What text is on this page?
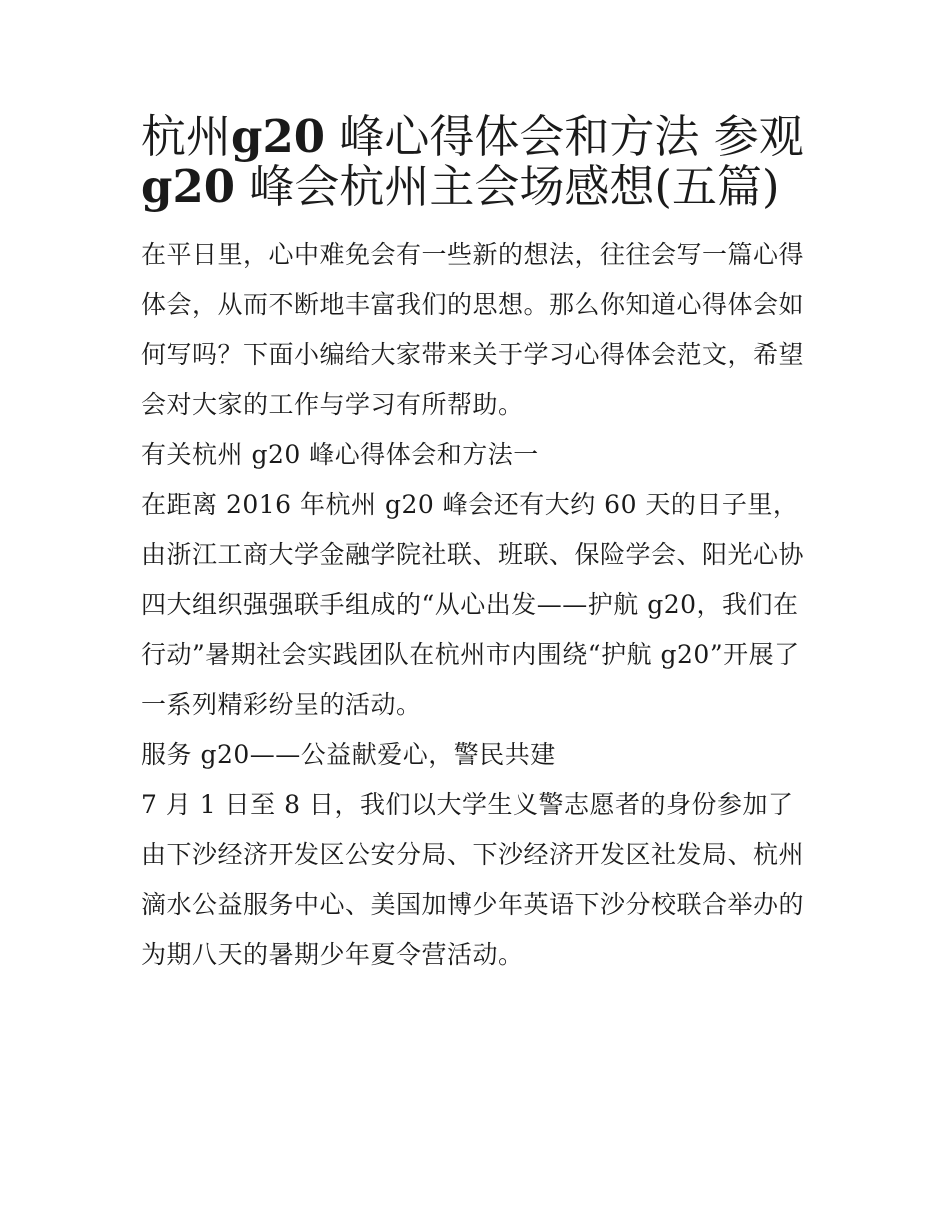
杭州g20 峰心得体会和方法 参观 g20 峰会杭州主会场感想(五篇)

在平日里，心中难免会有一些新的想法，往往会写一篇心得体会，从而不断地丰富我们的思想。那么你知道心得体会如何写吗？下面小编给大家带来关于学习心得体会范文，希望会对大家的工作与学习有所帮助。

有关杭州 g20 峰心得体会和方法一

在距离 2016 年杭州 g20 峰会还有大约 60 天的日子里，由浙江工商大学金融学院社联、班联、保险学会、阳光心协四大组织强强联手组成的“从心出发——护航 g20，我们在行动”暑期社会实践团队在杭州市内围绕“护航 g20”开展了一系列精彩纷呈的活动。

服务 g20——公益献爱心，警民共建

7 月 1 日至 8 日，我们以大学生义警志愿者的身份参加了由下沙经济开发区公安分局、下沙经济开发区社发局、杭州滴水公益服务中心、美国加博少年英语下沙分校联合举办的为期八天的暑期少年夏令营活动。
